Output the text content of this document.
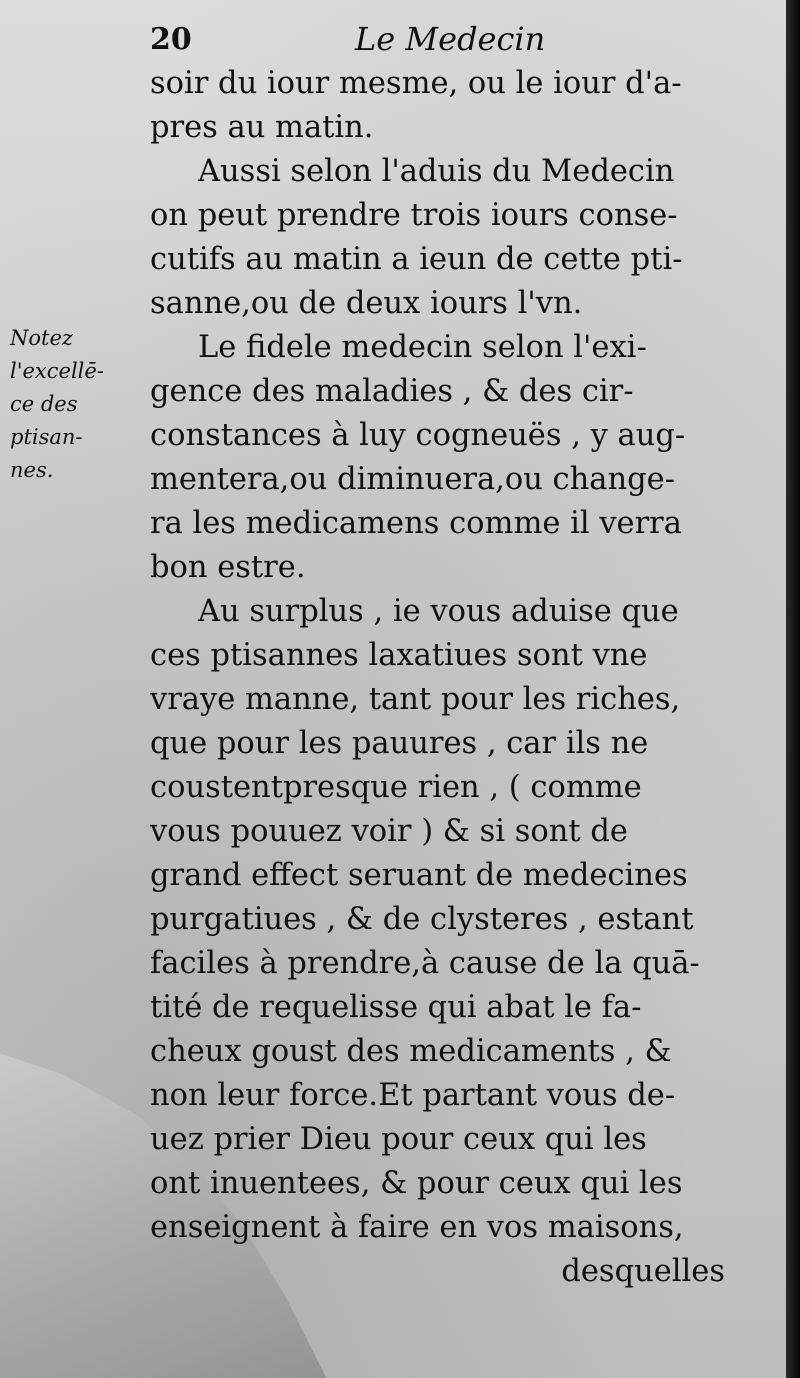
20	Le Medecin
Notez
l'excellē-
ce des
ptisan-
nes.
soir du iour mesme, ou le iour d'a-
pres au matin.
Aussi selon l'aduis du Medecin
on peut prendre trois iours conse-
cutifs au matin a ieun de cette pti-
sanne,ou de deux iours l'vn.
Le fidele medecin selon l'exi-
gence des maladies , & des cir-
constances à luy cogneuës , y aug-
mentera,ou diminuera,ou change-
ra les medicamens comme il verra
bon estre.
Au surplus , ie vous aduise que
ces ptisannes laxatiues sont vne
vraye manne, tant pour les riches,
que pour les pauures , car ils ne
coustentpresque rien , ( comme
vous pouuez voir ) & si sont de
grand effect seruant de medecines
purgatiues , & de clysteres , estant
faciles à prendre,à cause de la quā-
tité de requelisse qui abat le fa-
cheux goust des medicaments , &
non leur force.Et partant vous de-
uez prier Dieu pour ceux qui les
ont inuentees, & pour ceux qui les
enseignent à faire en vos maisons,
desquelles
